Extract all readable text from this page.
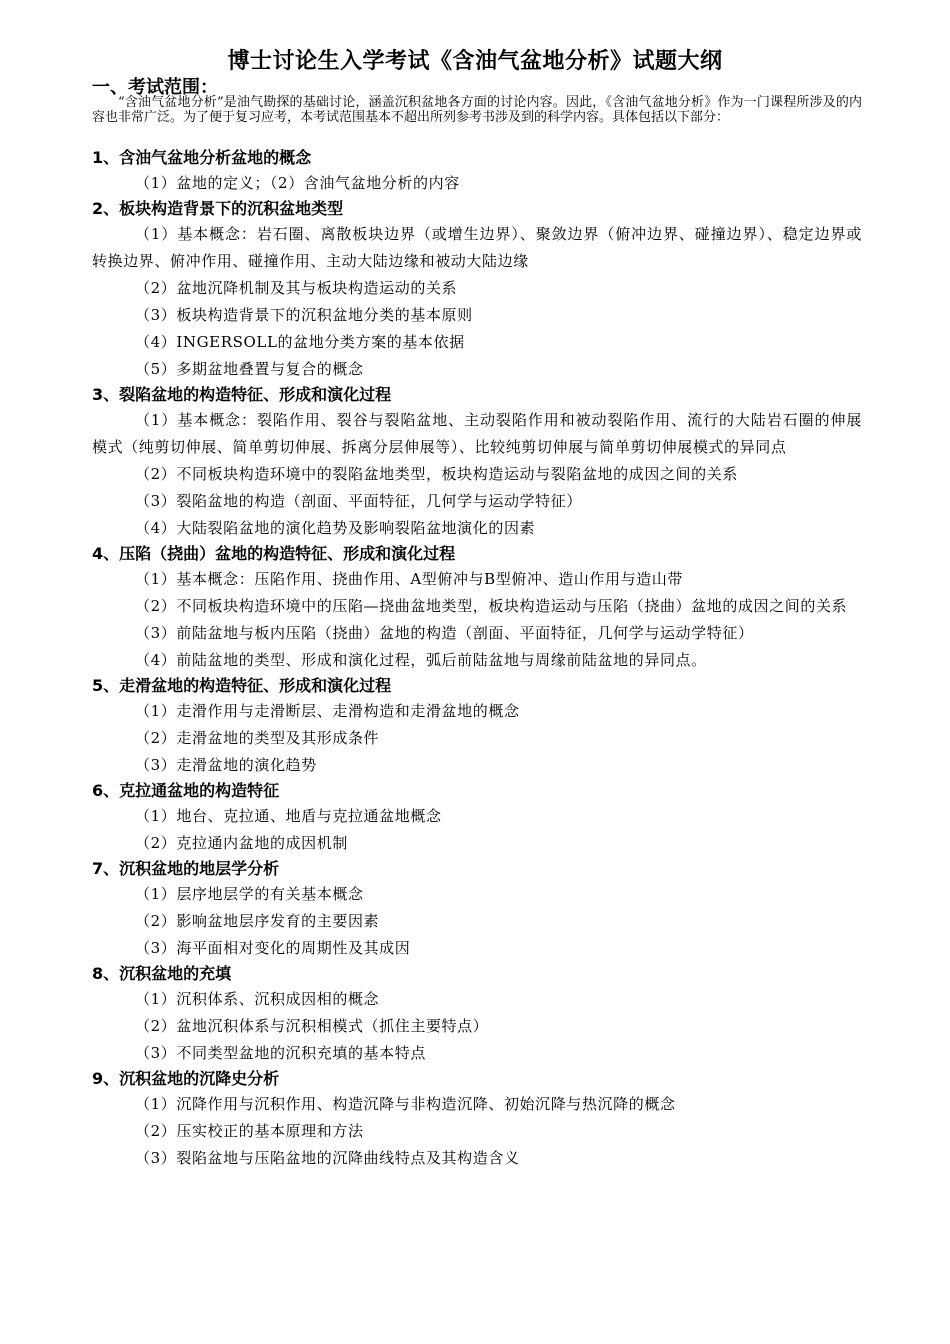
博士讨论生入学考试《含油气盆地分析》试题大纲
一、考试范围：
“含油气盆地分析”是油气勘探的基础讨论，涵盖沉积盆地各方面的讨论内容。因此，《含油气盆地分析》作为一门课程所涉及的内容也非常广泛。为了便于复习应考，本考试范围基本不超出所列参考书涉及到的科学内容。具体包括以下部分：
1、含油气盆地分析盆地的概念
（1）盆地的定义；（2）含油气盆地分析的内容
2、板块构造背景下的沉积盆地类型
（1）基本概念：岩石圈、离散板块边界（或增生边界）、聚敛边界（俯冲边界、碰撞边界）、稳定边界或转换边界、俯冲作用、碰撞作用、主动大陆边缘和被动大陆边缘
（2）盆地沉降机制及其与板块构造运动的关系
（3）板块构造背景下的沉积盆地分类的基本原则
（4）INGERSOLL的盆地分类方案的基本依据
（5）多期盆地叠置与复合的概念
3、裂陷盆地的构造特征、形成和演化过程
（1）基本概念：裂陷作用、裂谷与裂陷盆地、主动裂陷作用和被动裂陷作用、流行的大陆岩石圈的伸展模式（纯剪切伸展、简单剪切伸展、拆离分层伸展等）、比较纯剪切伸展与简单剪切伸展模式的异同点
（2）不同板块构造环境中的裂陷盆地类型，板块构造运动与裂陷盆地的成因之间的关系
（3）裂陷盆地的构造（剖面、平面特征，几何学与运动学特征）
（4）大陆裂陷盆地的演化趋势及影响裂陷盆地演化的因素
4、压陷（挠曲）盆地的构造特征、形成和演化过程
（1）基本概念：压陷作用、挠曲作用、A型俯冲与B型俯冲、造山作用与造山带
（2）不同板块构造环境中的压陷—挠曲盆地类型，板块构造运动与压陷（挠曲）盆地的成因之间的关系
（3）前陆盆地与板内压陷（挠曲）盆地的构造（剖面、平面特征，几何学与运动学特征）
（4）前陆盆地的类型、形成和演化过程，弧后前陆盆地与周缘前陆盆地的异同点。
5、走滑盆地的构造特征、形成和演化过程
（1）走滑作用与走滑断层、走滑构造和走滑盆地的概念
（2）走滑盆地的类型及其形成条件
（3）走滑盆地的演化趋势
6、克拉通盆地的构造特征
（1）地台、克拉通、地盾与克拉通盆地概念
（2）克拉通内盆地的成因机制
7、沉积盆地的地层学分析
（1）层序地层学的有关基本概念
（2）影响盆地层序发育的主要因素
（3）海平面相对变化的周期性及其成因
8、沉积盆地的充填
（1）沉积体系、沉积成因相的概念
（2）盆地沉积体系与沉积相模式（抓住主要特点）
（3）不同类型盆地的沉积充填的基本特点
9、沉积盆地的沉降史分析
（1）沉降作用与沉积作用、构造沉降与非构造沉降、初始沉降与热沉降的概念
（2）压实校正的基本原理和方法
（3）裂陷盆地与压陷盆地的沉降曲线特点及其构造含义
